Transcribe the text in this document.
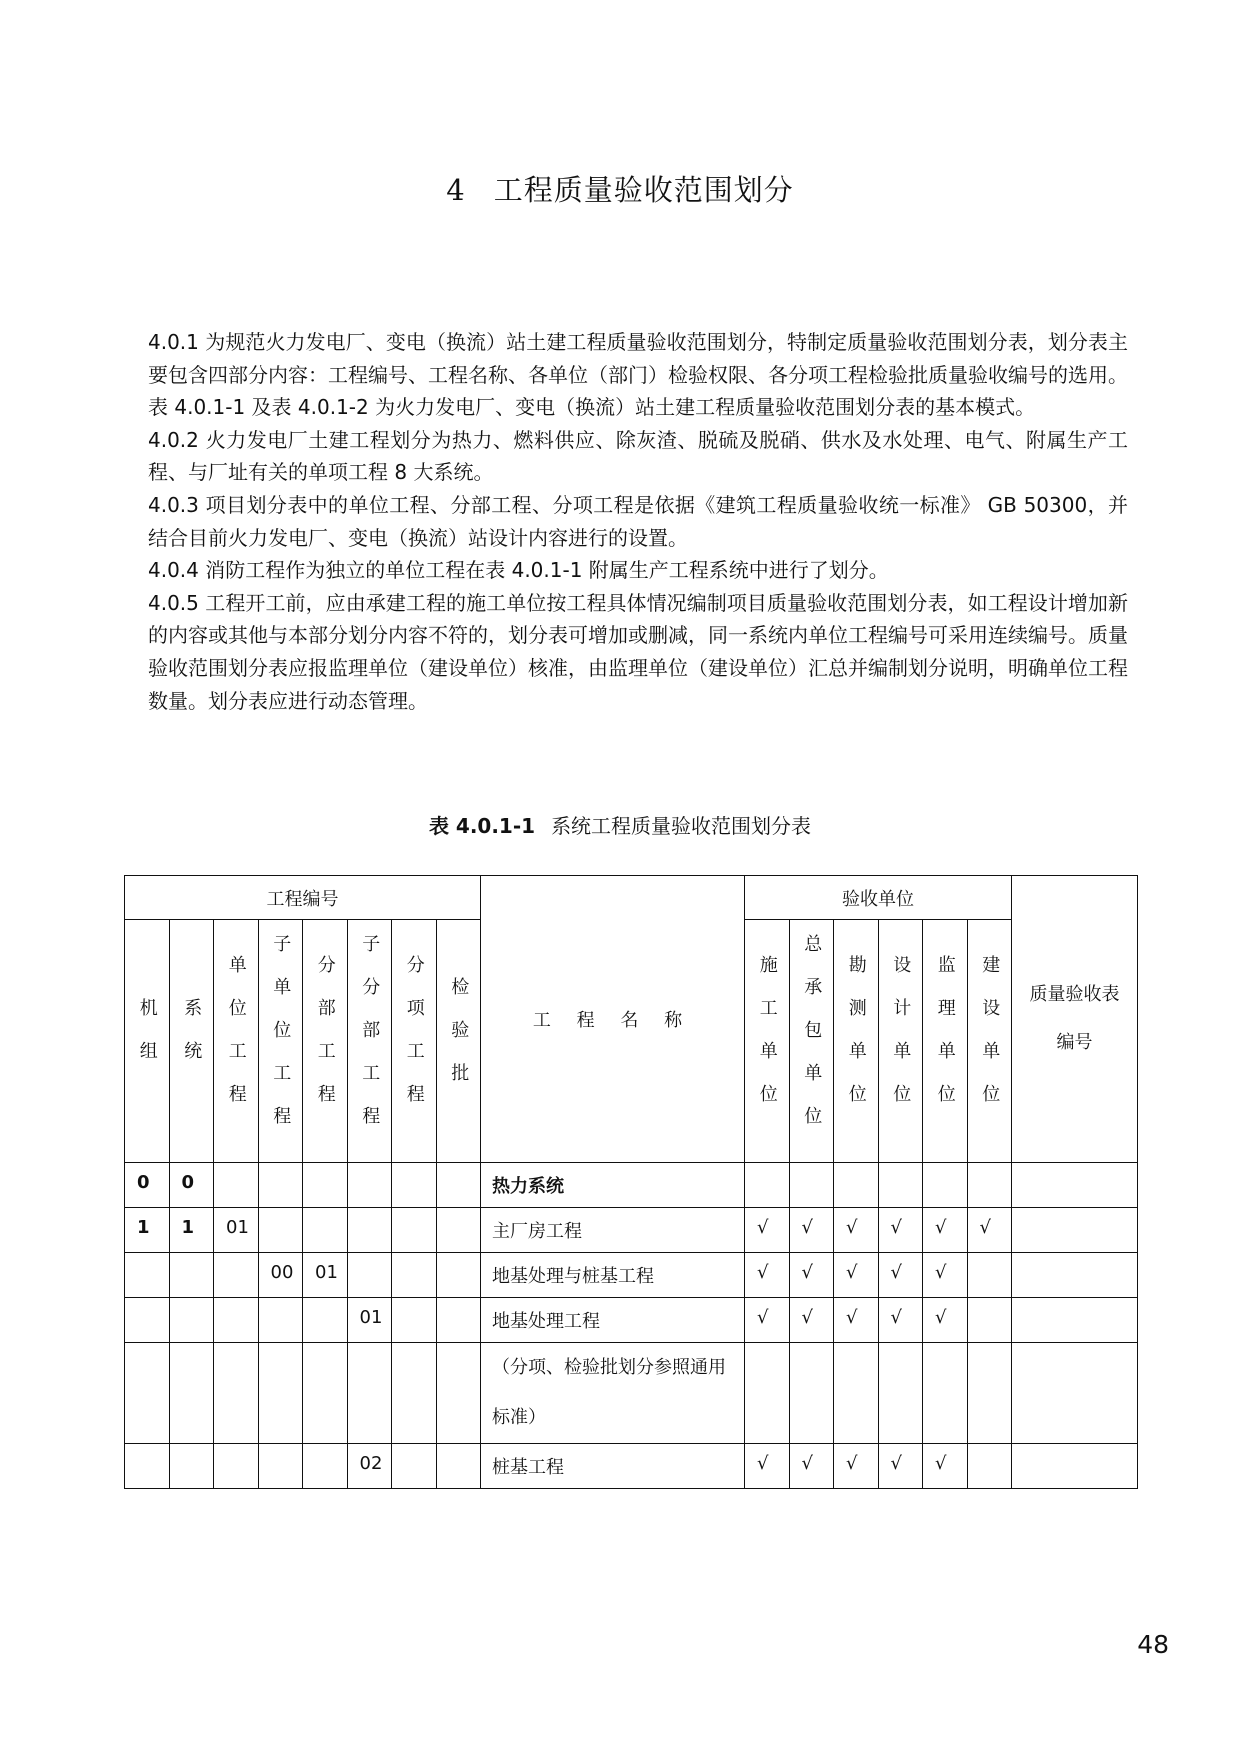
4 工程质量验收范围划分

4.0.1 为规范火力发电厂、变电（换流）站土建工程质量验收范围划分，特制定质量验收范围划分表，划分表主要包含四部分内容：工程编号、工程名称、各单位（部门）检验权限、各分项工程检验批质量验收编号的选用。表 4.0.1-1 及表 4.0.1-2 为火力发电厂、变电（换流）站土建工程质量验收范围划分表的基本模式。

4.0.2 火力发电厂土建工程划分为热力、燃料供应、除灰渣、脱硫及脱硝、供水及水处理、电气、附属生产工程、与厂址有关的单项工程 8 大系统。

4.0.3 项目划分表中的单位工程、分部工程、分项工程是依据《建筑工程质量验收统一标准》 GB 50300，并结合目前火力发电厂、变电（换流）站设计内容进行的设置。

4.0.4 消防工程作为独立的单位工程在表 4.0.1-1 附属生产工程系统中进行了划分。

4.0.5 工程开工前，应由承建工程的施工单位按工程具体情况编制项目质量验收范围划分表，如工程设计增加新的内容或其他与本部分划分内容不符的，划分表可增加或删减，同一系统内单位工程编号可采用连续编号。质量验收范围划分表应报监理单位（建设单位）核准，由监理单位（建设单位）汇总并编制划分说明，明确单位工程数量。划分表应进行动态管理。

表 4.0.1-1 系统工程质量验收范围划分表
工程编号								工 程 名 称	验收单位						质量验收表编号

机组	系统	单位工程	子单位工程	分部工程	子分部工程	分项工程	检验批		施工单位	总承包单位	勘测单位	设计单位	监理单位	建设单位	

0	0							热力系统							
1	1	01						主厂房工程	√	√	√	√	√	√	
			00	01				地基处理与桩基工程	√	√	√	√	√		
					01			地基处理工程	√	√	√	√	√		

								（分项、检验批划分参照通用
标准）							

					02			桩基工程	√	√	√	√	√		
48
